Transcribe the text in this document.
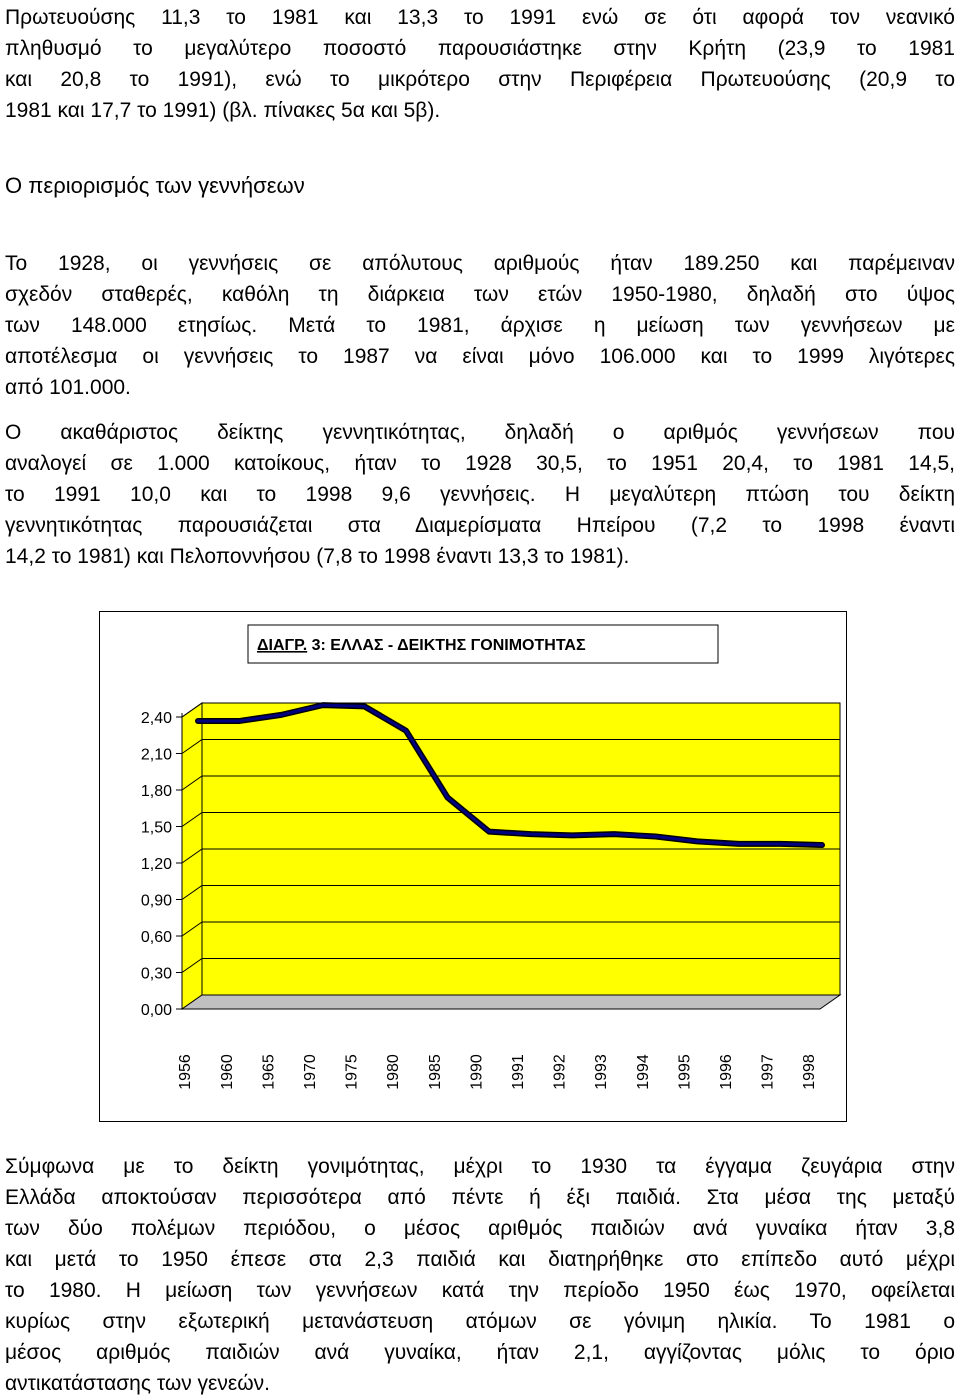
Πρωτευούσης 11,3 το 1981 και 13,3 το 1991 ενώ σε ότι αφορά τον νεανικό
πληθυσμό το μεγαλύτερο ποσοστό παρουσιάστηκε στην Κρήτη (23,9 το 1981
και 20,8 το 1991), ενώ το μικρότερο στην Περιφέρεια Πρωτευούσης (20,9 το
1981 και 17,7 το 1991) (βλ. πίνακες 5α και 5β).
Ο περιορισμός των γεννήσεων
Το 1928, οι γεννήσεις σε απόλυτους αριθμούς ήταν 189.250 και παρέμειναν
σχεδόν σταθερές, καθόλη τη διάρκεια των ετών 1950-1980, δηλαδή στο ύψος
των 148.000 ετησίως. Μετά το 1981, άρχισε η μείωση των γεννήσεων με
αποτέλεσμα οι γεννήσεις το 1987 να είναι μόνο 106.000 και το 1999 λιγότερες
από 101.000.
Ο ακαθάριστος δείκτης γεννητικότητας, δηλαδή ο αριθμός γεννήσεων που
αναλογεί σε 1.000 κατοίκους, ήταν το 1928 30,5, το 1951 20,4, το 1981 14,5,
το 1991 10,0 και το 1998 9,6 γεννήσεις. Η μεγαλύτερη πτώση του δείκτη
γεννητικότητας παρουσιάζεται στα Διαμερίσματα Ηπείρου (7,2 το 1998 έναντι
14,2 το 1981) και Πελοποννήσου (7,8 το 1998 έναντι 13,3 το 1981).
0,00
0,30
0,60
0,90
1,20
1,50
1,80
2,10
2,40
1956 1960 1965 1970 1975 1980 1985 1990 1991 1992 1993 1994 1995 1996 1997 1998
ΔΙΑΓΡ. 3: ΕΛΛΑΣ - ΔΕΙΚΤΗΣ ΓΟΝΙΜΟΤΗΤΑΣ
Σύμφωνα με το δείκτη γονιμότητας, μέχρι το 1930 τα έγγαμα ζευγάρια στην
Ελλάδα αποκτούσαν περισσότερα από πέντε ή έξι παιδιά. Στα μέσα της μεταξύ
των δύο πολέμων περιόδου, ο μέσος αριθμός παιδιών ανά γυναίκα ήταν 3,8
και μετά το 1950 έπεσε στα 2,3 παιδιά και διατηρήθηκε στο επίπεδο αυτό μέχρι
το 1980. Η μείωση των γεννήσεων κατά την περίοδο 1950 έως 1970, οφείλεται
κυρίως στην εξωτερική μετανάστευση ατόμων σε γόνιμη ηλικία. Το 1981 ο
μέσος αριθμός παιδιών ανά γυναίκα, ήταν 2,1, αγγίζοντας μόλις το όριο
αντικατάστασης των γενεών.
